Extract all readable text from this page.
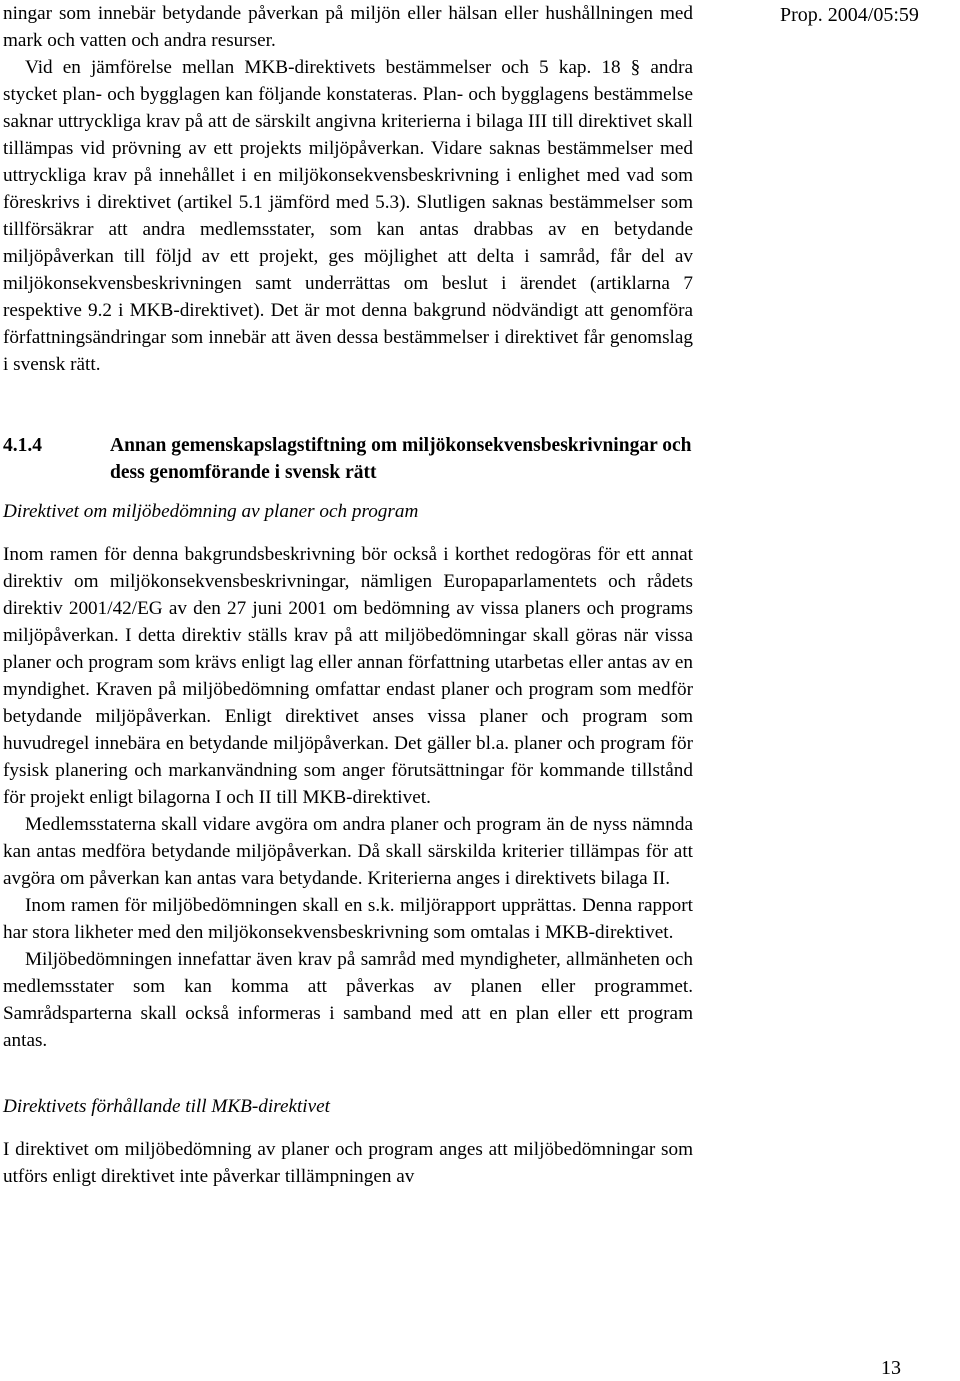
Prop. 2004/05:59

ningar som innebär betydande påverkan på miljön eller hälsan eller hushållningen med mark och vatten och andra resurser.

Vid en jämförelse mellan MKB-direktivets bestämmelser och 5 kap. 18 § andra stycket plan- och bygglagen kan följande konstateras. Plan- och bygglagens bestämmelse saknar uttryckliga krav på att de särskilt angivna kriterierna i bilaga III till direktivet skall tillämpas vid prövning av ett projekts miljöpåverkan. Vidare saknas bestämmelser med uttryckliga krav på innehållet i en miljökonsekvensbeskrivning i enlighet med vad som föreskrivs i direktivet (artikel 5.1 jämförd med 5.3). Slutligen saknas bestämmelser som tillförsäkrar att andra medlemsstater, som kan antas drabbas av en betydande miljöpåverkan till följd av ett projekt, ges möjlighet att delta i samråd, får del av miljökonsekvensbeskrivningen samt underrättas om beslut i ärendet (artiklarna 7 respektive 9.2 i MKB-direktivet). Det är mot denna bakgrund nödvändigt att genomföra författningsändringar som innebär att även dessa bestämmelser i direktivet får genomslag i svensk rätt.

4.1.4	Annan gemenskapslagstiftning om miljökonsekvensbeskrivningar och dess genomförande i svensk rätt

Direktivet om miljöbedömning av planer och program

Inom ramen för denna bakgrundsbeskrivning bör också i korthet redogöras för ett annat direktiv om miljökonsekvensbeskrivningar, nämligen Europaparlamentets och rådets direktiv 2001/42/EG av den 27 juni 2001 om bedömning av vissa planers och programs miljöpåverkan. I detta direktiv ställs krav på att miljöbedömningar skall göras när vissa planer och program som krävs enligt lag eller annan författning utarbetas eller antas av en myndighet. Kraven på miljöbedömning omfattar endast planer och program som medför betydande miljöpåverkan. Enligt direktivet anses vissa planer och program som huvudregel innebära en betydande miljöpåverkan. Det gäller bl.a. planer och program för fysisk planering och markanvändning som anger förutsättningar för kommande tillstånd för projekt enligt bilagorna I och II till MKB-direktivet.

Medlemsstaterna skall vidare avgöra om andra planer och program än de nyss nämnda kan antas medföra betydande miljöpåverkan. Då skall särskilda kriterier tillämpas för att avgöra om påverkan kan antas vara betydande. Kriterierna anges i direktivets bilaga II.

Inom ramen för miljöbedömningen skall en s.k. miljörapport upprättas. Denna rapport har stora likheter med den miljökonsekvensbeskrivning som omtalas i MKB-direktivet.

Miljöbedömningen innefattar även krav på samråd med myndigheter, allmänheten och medlemsstater som kan komma att påverkas av planen eller programmet. Samrådsparterna skall också informeras i samband med att en plan eller ett program antas.

Direktivets förhållande till MKB-direktivet

I direktivet om miljöbedömning av planer och program anges att miljöbedömningar som utförs enligt direktivet inte påverkar tillämpningen av

13
